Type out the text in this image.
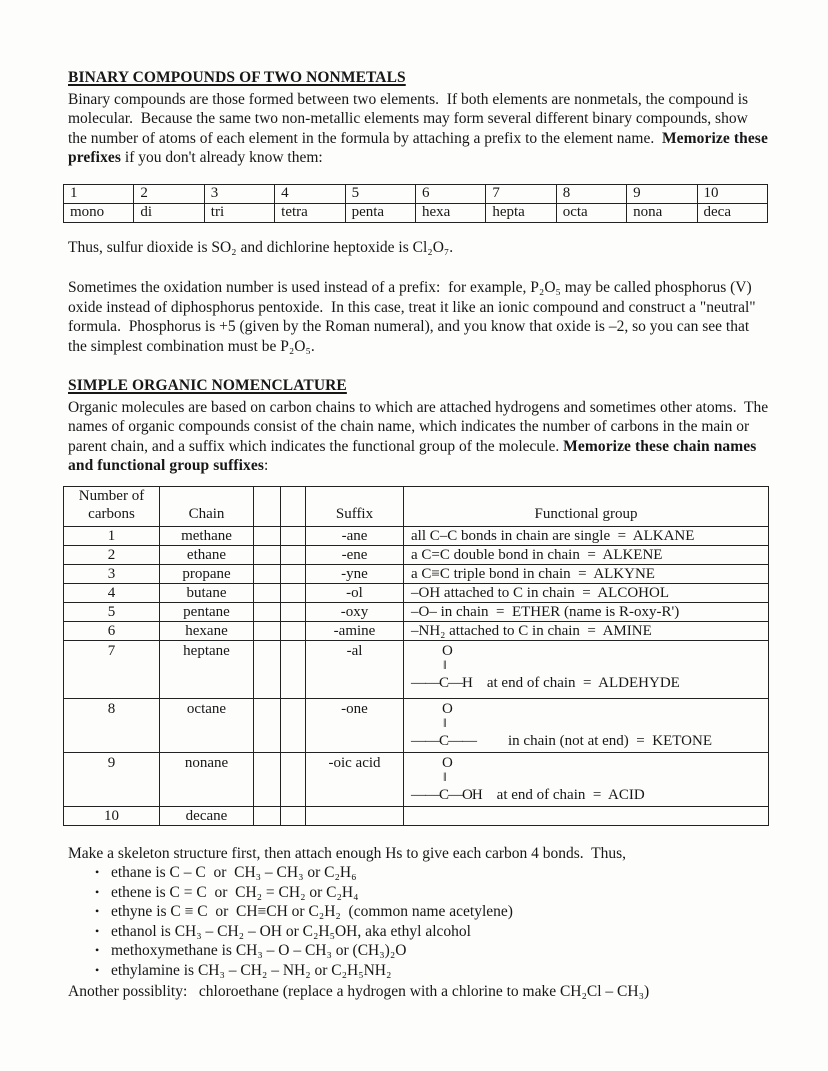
BINARY COMPOUNDS OF TWO NONMETALS
Binary compounds are those formed between two elements.  If both elements are nonmetals, the compound is molecular.  Because the same two non-metallic elements may form several different binary compounds, show the number of atoms of each element in the formula by attaching a prefix to the element name.  Memorize these prefixes if you don't already know them:
1	2	3	4	5	6	7	8	9	10
mono	di	tri	tetra	penta	hexa	hepta	octa	nona	deca
Thus, sulfur dioxide is SO₂ and dichlorine heptoxide is Cl₂O₇.
Sometimes the oxidation number is used instead of a prefix:  for example, P₂O₅ may be called phosphorus (V) oxide instead of diphosphorus pentoxide.  In this case, treat it like an ionic compound and construct a "neutral" formula.  Phosphorus is +5 (given by the Roman numeral), and you know that oxide is –2, so you can see that the simplest combination must be P₂O₅.
SIMPLE ORGANIC NOMENCLATURE
Organic molecules are based on carbon chains to which are attached hydrogens and sometimes other atoms.  The names of organic compounds consist of the chain name, which indicates the number of carbons in the main or parent chain, and a suffix which indicates the functional group of the molecule. Memorize these chain names and functional group suffixes:
Number of
carbons	Chain			Suffix	Functional group
1	methane			-ane	all C–C bonds in chain are single  =  ALKANE
2	ethane			-ene	a C=C double bond in chain  =  ALKENE
3	propane			-yne	a C≡C triple bond in chain  =  ALKYNE
4	butane			-ol	–OH attached to C in chain  =  ALCOHOL
5	pentane			-oxy	–O– in chain  =  ETHER (name is R-oxy-R')
6	hexane			-amine	–NH₂ attached to C in chain  =  AMINE
7	heptane			-al	O
‖
——C—H at end of chain  =  ALDEHYDE

8	octane			-one	O
‖
——C—— in chain (not at end)  =  KETONE

9	nonane			-oic acid	O
‖
——C—OH at end of chain  =  ACID

10	decane				
Make a skeleton structure first, then attach enough Hs to give each carbon 4 bonds.  Thus,
• ethane is C – C  or  CH₃ – CH₃ or C₂H₆
• ethene is C = C  or  CH₂ = CH₂ or C₂H₄
• ethyne is C ≡ C  or  CH≡CH or C₂H₂  (common name acetylene)
• ethanol is CH₃ – CH₂ – OH or C₂H₅OH, aka ethyl alcohol
• methoxymethane is CH₃ – O – CH₃ or (CH₃)₂O
• ethylamine is CH₃ – CH₂ – NH₂ or C₂H₅NH₂
Another possiblity:   chloroethane (replace a hydrogen with a chlorine to make CH₂Cl – CH₃)
